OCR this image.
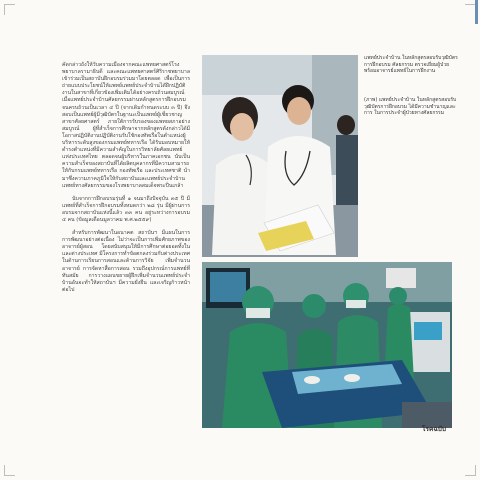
คัดกล่าวถังให้วับความเมืองจากคณะแพทยศาสตร์โรงพยาบาลรามาธิบดี และคณะแพทยศาสตร์ศิริราชพยาบาล เข้าร่วมเป็นสถาบันฝึกอบรมร่วมมาโดยตลอด เพื่อเป็นการถ่ายแบบประโยชน์ให้แพทย์แพทย์ประจำบ้านได้ฝึกปฏิบัติงานในสาขาที่เกี่ยวข้องเพิ่มเติมได้อย่างครบถ้วนสมบูรณ์ เมื่อแพทย์ประจำบ้านศัลยกรรมผ่านหลักสูตรการฝึกอบรมจนครบถ้วนเป็นเวลา ๔ ปี (จากเดิมกำหนดระบบ ๓ ปี) จึงสอบเป็นแพทย์ผู้มีวุฒิบัตรในฐานะเป็นแพทย์ผู้เชี่ยวชาญสาขาศัลยศาสตร์ ภายใต้การรับรองของแพทยสภาอย่างสมบูรณ์ ผู้ที่สำเร็จการศึกษาจากหลักสูตรดังกล่าวได้มีโอกาสปฏิบัติงานปฏิบัติงานรับใช้กองทัพเรือในตำแหน่งผู้บริหารระดับสูงของกรมแพทย์ทหารเรือ ได้รับมอบหมายให้ดำรงตำแหน่งที่มีความสำคัญในการวิทยาลัยศัลยแพทย์แห่งประเทศไทย ตลอดจนผู้บริหารในภาคเอกชน นับเป็นความสำเร็จของสถาบันที่ได้ผลิตบุคลากรที่มีความสามารถให้กับกรมแพทย์ทหารเรือ กองทัพเรือ และประเทศชาติ นำมาซึ่งความภาคภูมิใจให้กับสถาบันและแพทย์ประจำบ้านแพทย์ทางศัลยกรรมของโรงพยาบาลสมเด็จพระปิ่นเกล้า

นับจากการฝึกอบรมรุ่นที่ ๑ จนมาถึงปัจจุบัน ๓๕ ปี มีแพทย์ที่สำเร็จการฝึกอบรมทั้งหมดกว่า ๒๘ รุ่น มีผู้ผ่านการอบรมจากสถาบันแห่งนี้แล้ว ๓๓ คน อยู่ระหว่างการอบรม ๔ คน (ข้อมูลเดือนมูลวาคม พ.ศ.๒๕๕๙)

สำหรับการพัฒนาในอนาคต สถาบันฯ มีแผนในการการพัฒนาอย่างต่อเนื่อง ไม่ว่าจะเป็นการเพิ่มศักยภาพของอาจารย์ผู้สอน โดยสนับสนุนให้มีการศึกษาต่อยอดทั้งในและต่างประเทศ มีโครงการทำข้อตกลงร่วมกับต่างประเทศในด้านการเรียนการสอนและด้านการวิจัย เพิ่มจำนวนอาจารย์ การจัดหาสื่อการสอน รวมถึงอุปกรณ์การแพทย์ที่ทันสมัย การวางแผนขยายผู้ฝึกเพิ่มจำนวนแพทย์ประจำบ้านอันจะทำให้สถาบันฯ มีความยั่งยืน และเจริญก้าวหน้าต่อไป

แพทย์ประจำบ้าน ในหลักสูตรสอบรับวุฒิบัตรการฝึกอบรม ศัลยกรรม ตรวจเยี่ยมผู้ป่วยพร้อมอาจารย์แพทย์ในการฝึกงาน
(ภาพ) แพทย์ประจำบ้าน ในหลักสูตรสอบรับวุฒิบัตรการฝึกอบรม ได้มีความชำนาญและการ ในการประจำผู้ป่วยทางศัลยกรรม
โรคฉบับ
